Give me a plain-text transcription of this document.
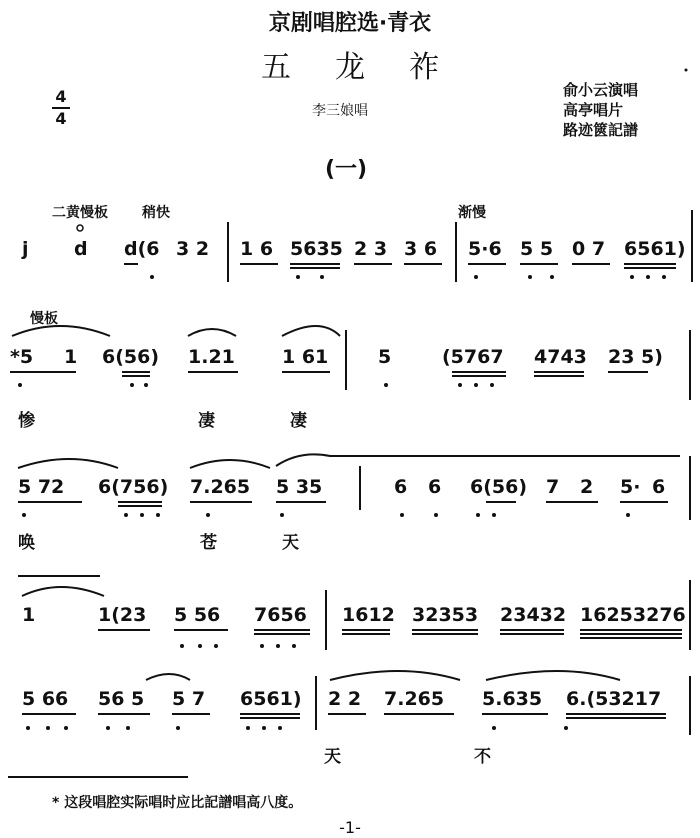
京剧唱腔选·青衣
五龙祚
俞小云演唱
高亭唱片
路迹篋記譜
李三娘唱
(一)
4
4
二黄慢板 稍快	渐慢
慢板
j d d(6 3 2 1 6 5635 2 3 3 6 5·6 5 5 0 7 6561)
*5 1 6(56) 1.21 1 61	5	(5767 4743 23 5)
惨	凄	凄
5 72 6(756) 7.265 5 35	6 6 6(56) 7 2 5· 6
唤	苍	天
1	1(23 5 56 7656 1612 32353 23432 16253276
5 66 56 5 5 7 6561) 2 2 7.265 5.635 6.(53217
天	不
* 这段唱腔实际唱时应比記譜唱高八度。
-1-
